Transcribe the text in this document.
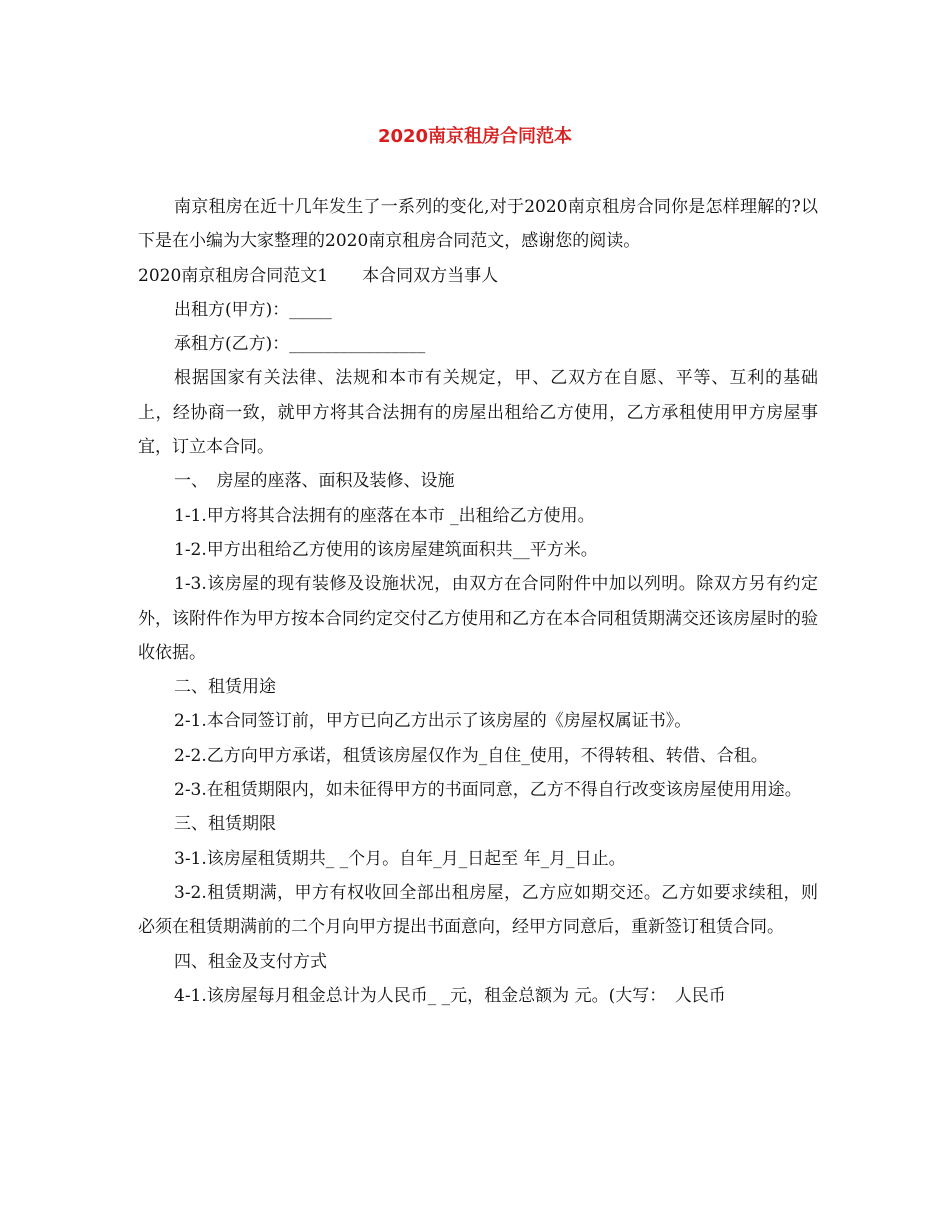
2020南京租房合同范本

南京租房在近十几年发生了一系列的变化,对于2020南京租房合同你是怎样理解的?以下是在小编为大家整理的2020南京租房合同范文，感谢您的阅读。

2020南京租房合同范文1　　本合同双方当事人

出租方(甲方)：_____

承租方(乙方)：________________

根据国家有关法律、法规和本市有关规定，甲、乙双方在自愿、平等、互利的基础上，经协商一致，就甲方将其合法拥有的房屋出租给乙方使用，乙方承租使用甲方房屋事宜，订立本合同。

一、　房屋的座落、面积及装修、设施

1-1.甲方将其合法拥有的座落在本市 _出租给乙方使用。

1-2.甲方出租给乙方使用的该房屋建筑面积共__平方米。

1-3.该房屋的现有装修及设施状况，由双方在合同附件中加以列明。除双方另有约定外，该附件作为甲方按本合同约定交付乙方使用和乙方在本合同租赁期满交还该房屋时的验收依据。

二、租赁用途

2-1.本合同签订前，甲方已向乙方出示了该房屋的《房屋权属证书》。

2-2.乙方向甲方承诺，租赁该房屋仅作为_自住_使用，不得转租、转借、合租。

2-3.在租赁期限内，如未征得甲方的书面同意，乙方不得自行改变该房屋使用用途。

三、租赁期限

3-1.该房屋租赁期共_ _个月。自年_月_日起至 年_月_日止。

3-2.租赁期满，甲方有权收回全部出租房屋，乙方应如期交还。乙方如要求续租，则必须在租赁期满前的二个月向甲方提出书面意向，经甲方同意后，重新签订租赁合同。

四、租金及支付方式

4-1.该房屋每月租金总计为人民币_ _元，租金总额为 元。(大写：　人民币
